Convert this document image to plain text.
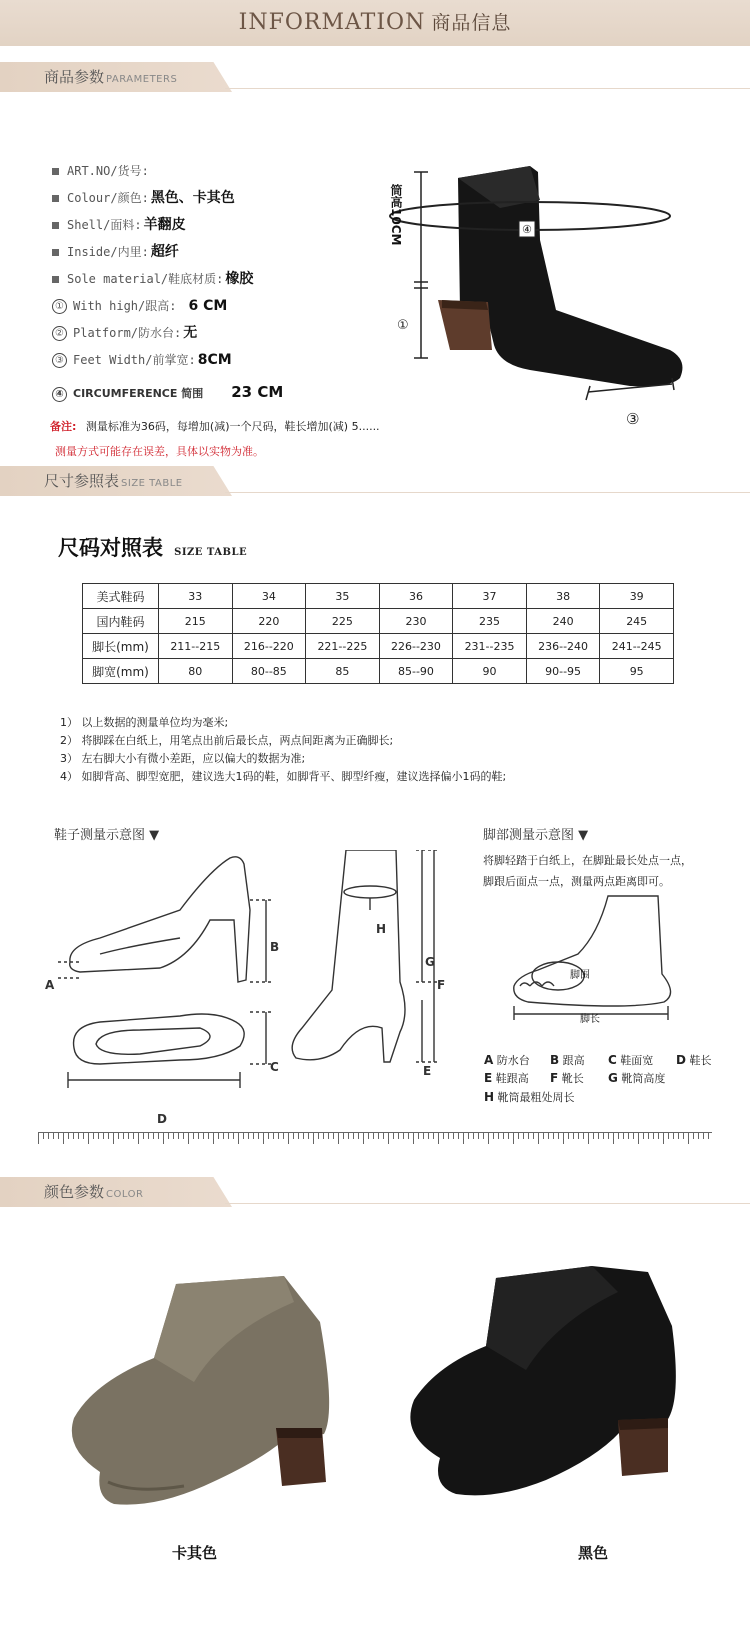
INFORMATION 商品信息
商品参数 PARAMETERS
ART.NO/货号:
Colour/颜色: 黑色、卡其色
Shell/面料: 羊翻皮
Inside/内里: 超纤
Sole material/鞋底材质: 橡胶
① With high/跟高: 6 CM
② Platform/防水台: 无
③ Feet Width/前掌宽: 8CM
④ CIRCUMFERENCE 简围 23 CM
备注: 测量标准为36码，每增加(减)一个尺码，鞋长增加(减) 5......
测量方式可能存在误差，具体以实物为准。
筒高10CM
①
④
③
尺寸参照表 SIZE TABLE
尺码对照表 SIZE TABLE
美式鞋码	33	34	35	36	37	38	39
国内鞋码	215	220	225	230	235	240	245
脚长(mm)	211--215	216--220	221--225	226--230	231--235	236--240	241--245
脚宽(mm)	80	80--85	85	85--90	90	90--95	95
1） 以上数据的测量单位均为毫米;
2） 将脚踩在白纸上，用笔点出前后最长点，两点间距离为正确脚长;
3） 左右脚大小有微小差距，应以偏大的数据为准;
4） 如脚背高、脚型宽肥，建议选大1码的鞋，如脚背平、脚型纤瘦，建议选择偏小1码的鞋;
鞋子测量示意图 ▼
A
B
C
D
E
F
G
H
脚部测量示意图 ▼
将脚轻踏于白纸上，在脚趾最长处点一点，
脚跟后面点一点，测量两点距离即可。
脚围
脚长
A 防水台 B 跟高 C 鞋面宽 D 鞋长
E 鞋跟高 F 靴长 G 靴筒高度
H 靴筒最粗处周长
颜色参数 COLOR
卡其色	黑色
